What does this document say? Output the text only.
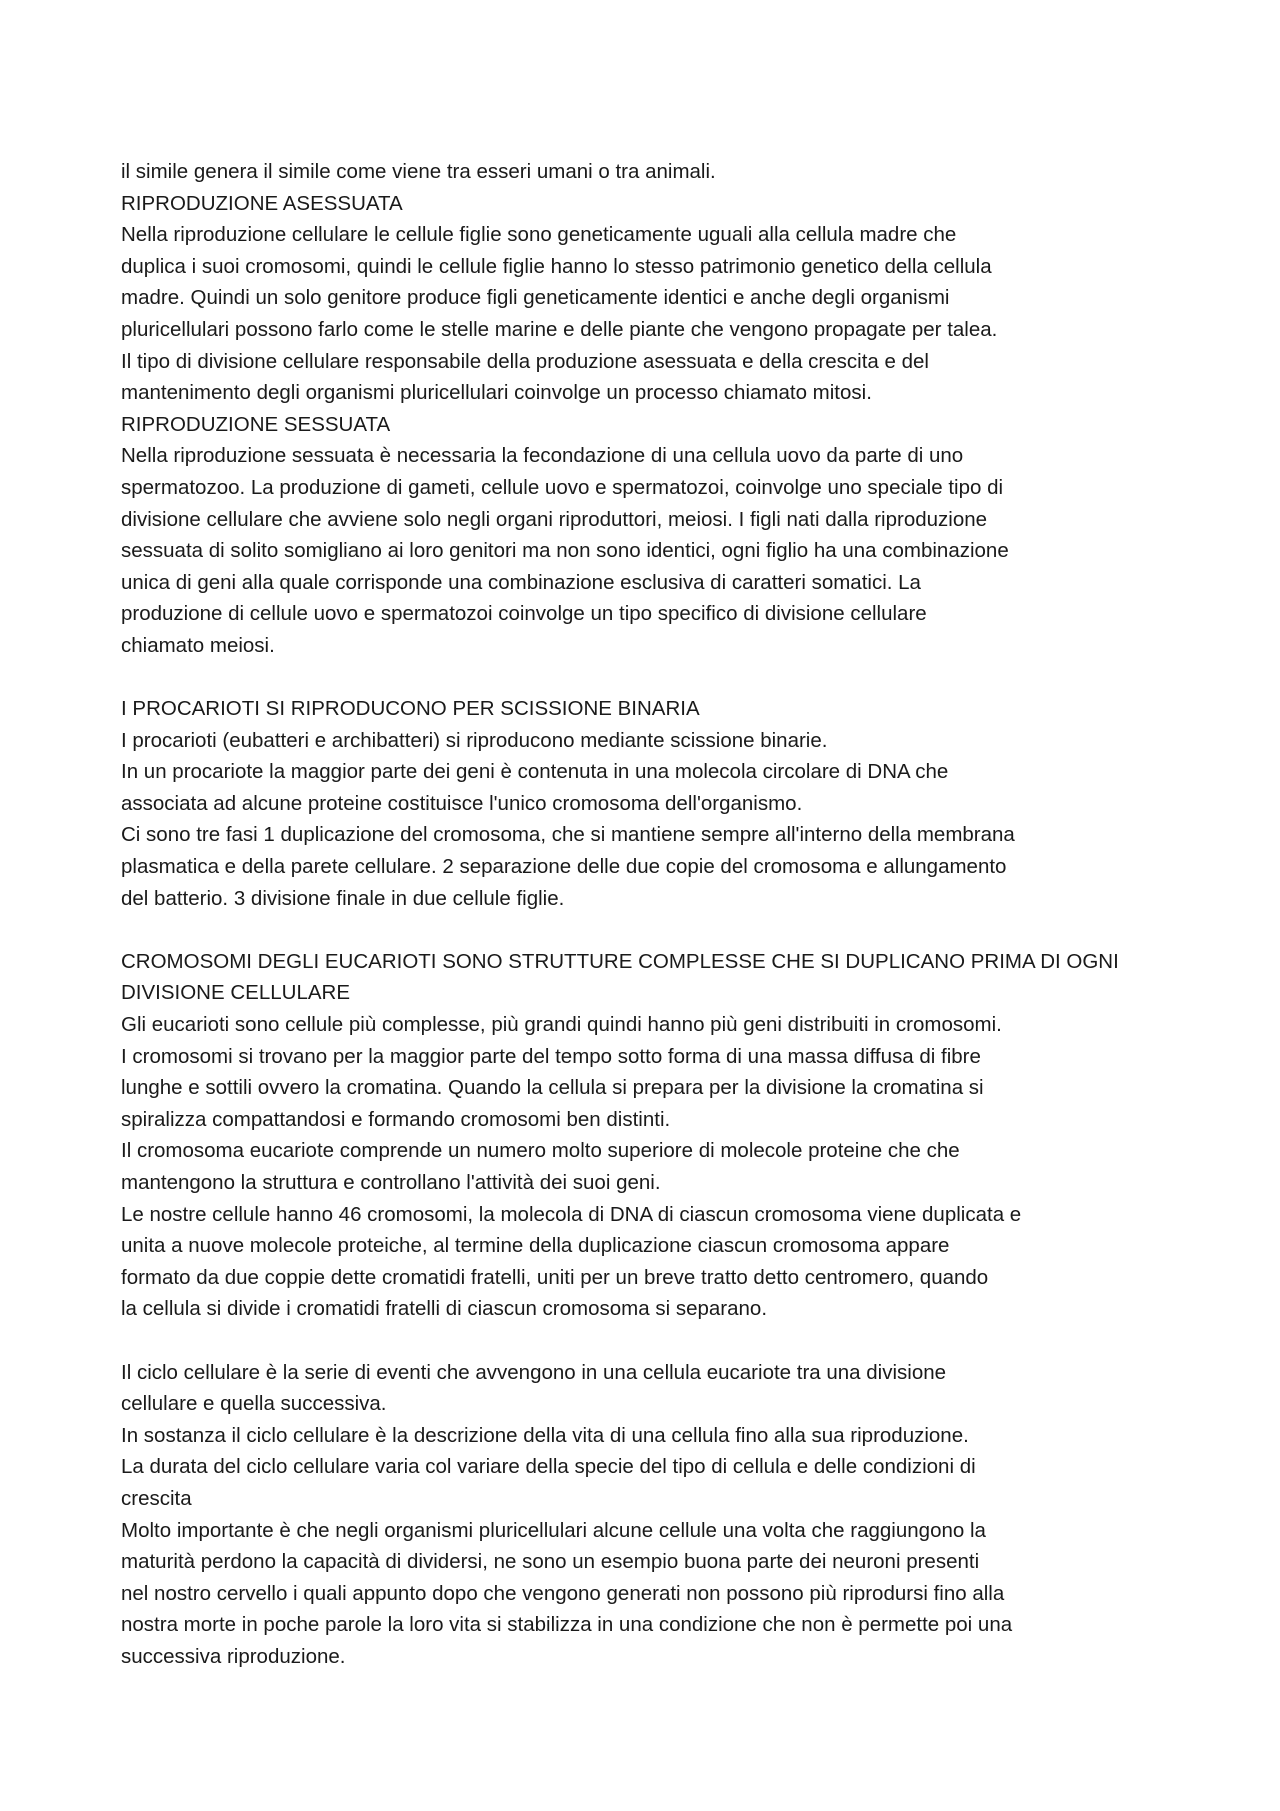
il simile genera il simile come viene tra esseri umani o tra animali.
RIPRODUZIONE ASESSUATA
Nella riproduzione cellulare le cellule figlie sono geneticamente uguali alla cellula madre che
duplica i suoi cromosomi, quindi le cellule figlie hanno lo stesso patrimonio genetico della cellula
madre. Quindi un solo genitore produce figli geneticamente identici e anche degli organismi
pluricellulari possono farlo come le stelle marine e delle piante che vengono propagate per talea.
Il tipo di divisione cellulare responsabile della produzione asessuata e della crescita e del
mantenimento degli organismi pluricellulari coinvolge un processo chiamato mitosi.
RIPRODUZIONE SESSUATA
Nella riproduzione sessuata è necessaria la fecondazione di una cellula uovo da parte di uno
spermatozoo. La produzione di gameti, cellule uovo e spermatozoi, coinvolge uno speciale tipo di
divisione cellulare che avviene solo negli organi riproduttori, meiosi. I figli nati dalla riproduzione
sessuata di solito somigliano ai loro genitori ma non sono identici, ogni figlio ha una combinazione
unica di geni alla quale corrisponde una combinazione esclusiva di caratteri somatici. La
produzione di cellule uovo e spermatozoi coinvolge un tipo specifico di divisione cellulare
chiamato meiosi.
I PROCARIOTI SI RIPRODUCONO PER SCISSIONE BINARIA
I procarioti (eubatteri e archibatteri) si riproducono mediante scissione binarie.
In un procariote la maggior parte dei geni è contenuta in una molecola circolare di DNA che
associata ad alcune proteine costituisce l'unico cromosoma dell'organismo.
Ci sono tre fasi 1 duplicazione del cromosoma, che si mantiene sempre all'interno della membrana
plasmatica e della parete cellulare. 2 separazione delle due copie del cromosoma e allungamento
del batterio. 3 divisione finale in due cellule figlie.
CROMOSOMI DEGLI EUCARIOTI SONO STRUTTURE COMPLESSE CHE SI DUPLICANO PRIMA DI OGNI
DIVISIONE CELLULARE
Gli eucarioti sono cellule più complesse, più grandi quindi hanno più geni distribuiti in cromosomi.
I cromosomi si trovano per la maggior parte del tempo sotto forma di una massa diffusa di fibre
lunghe e sottili ovvero la cromatina. Quando la cellula si prepara per la divisione la cromatina si
spiralizza compattandosi e formando cromosomi ben distinti.
Il cromosoma eucariote comprende un numero molto superiore di molecole proteine che che
mantengono la struttura e controllano l'attività dei suoi geni.
Le nostre cellule hanno 46 cromosomi, la molecola di DNA di ciascun cromosoma viene duplicata e
unita a nuove molecole proteiche, al termine della duplicazione ciascun cromosoma appare
formato da due coppie dette cromatidi fratelli, uniti per un breve tratto detto centromero, quando
la cellula si divide i cromatidi fratelli di ciascun cromosoma si separano.
Il ciclo cellulare è la serie di eventi che avvengono in una cellula eucariote tra una divisione
cellulare e quella successiva.
In sostanza il ciclo cellulare è la descrizione della vita di una cellula fino alla sua riproduzione.
La durata del ciclo cellulare varia col variare della specie del tipo di cellula e delle condizioni di
crescita
Molto importante è che negli organismi pluricellulari alcune cellule una volta che raggiungono la
maturità perdono la capacità di dividersi, ne sono un esempio buona parte dei neuroni presenti
nel nostro cervello i quali appunto dopo che vengono generati non possono più riprodursi fino alla
nostra morte in poche parole la loro vita si stabilizza in una condizione che non è permette poi una
successiva riproduzione.
